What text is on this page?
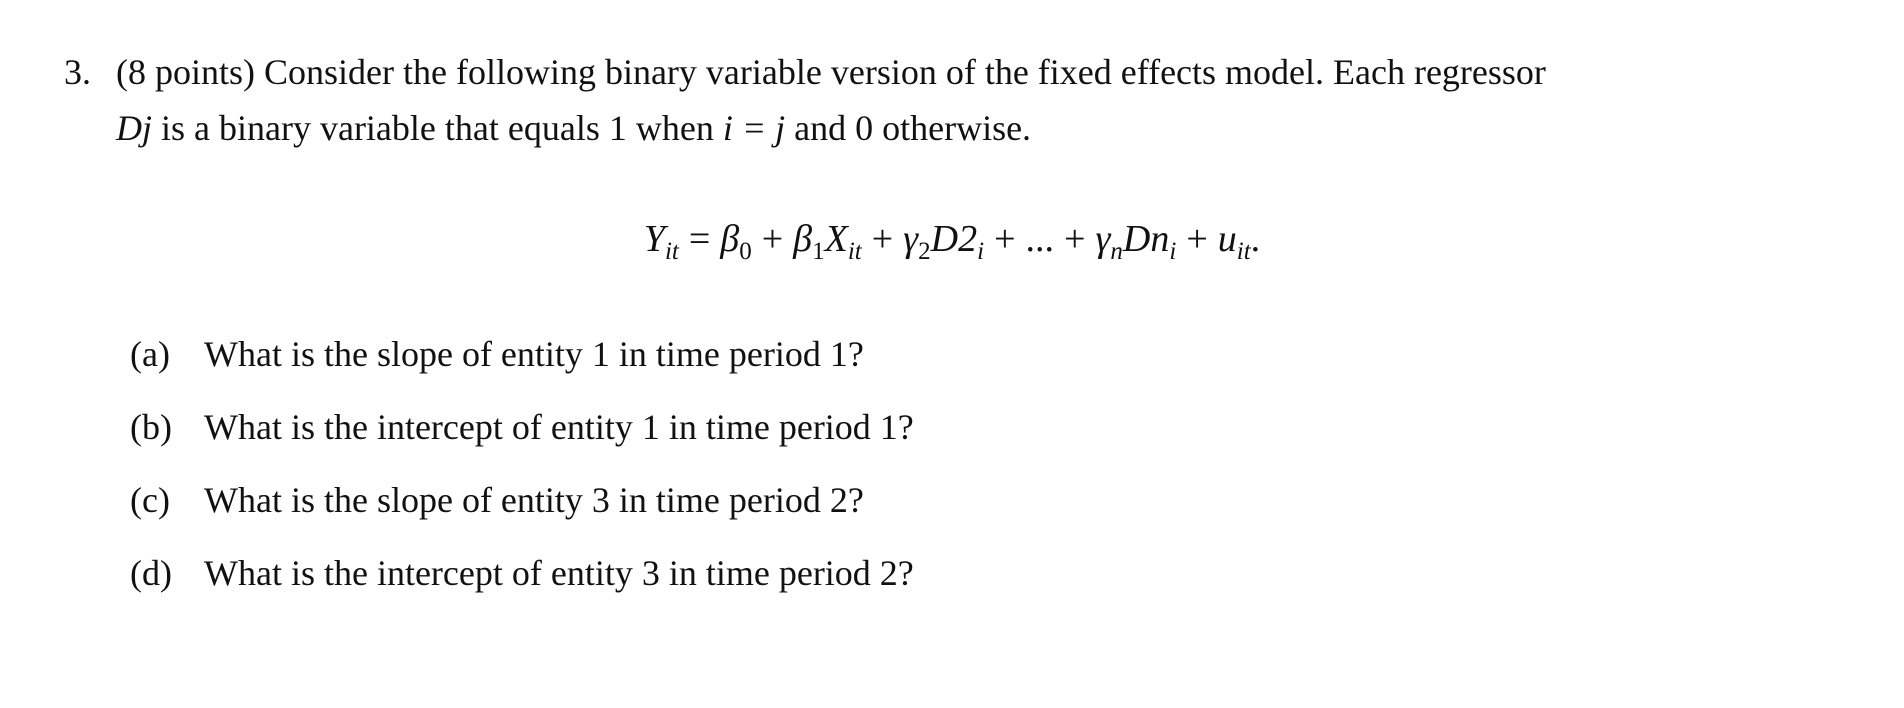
3. (8 points) Consider the following binary variable version of the fixed effects model. Each regressor
Dj is a binary variable that equals 1 when i = j and 0 otherwise.
$Y_{it} = \beta_0 + \beta_1X_{it} + \gamma_2D2_i$ + ... + $\gamma_nDn_i + u_{it}$.
(a) What is the slope of entity 1 in time period 1?
(b) What is the intercept of entity 1 in time period 1?
(c) What is the slope of entity 3 in time period 2?
(d) What is the intercept of entity 3 in time period 2?
